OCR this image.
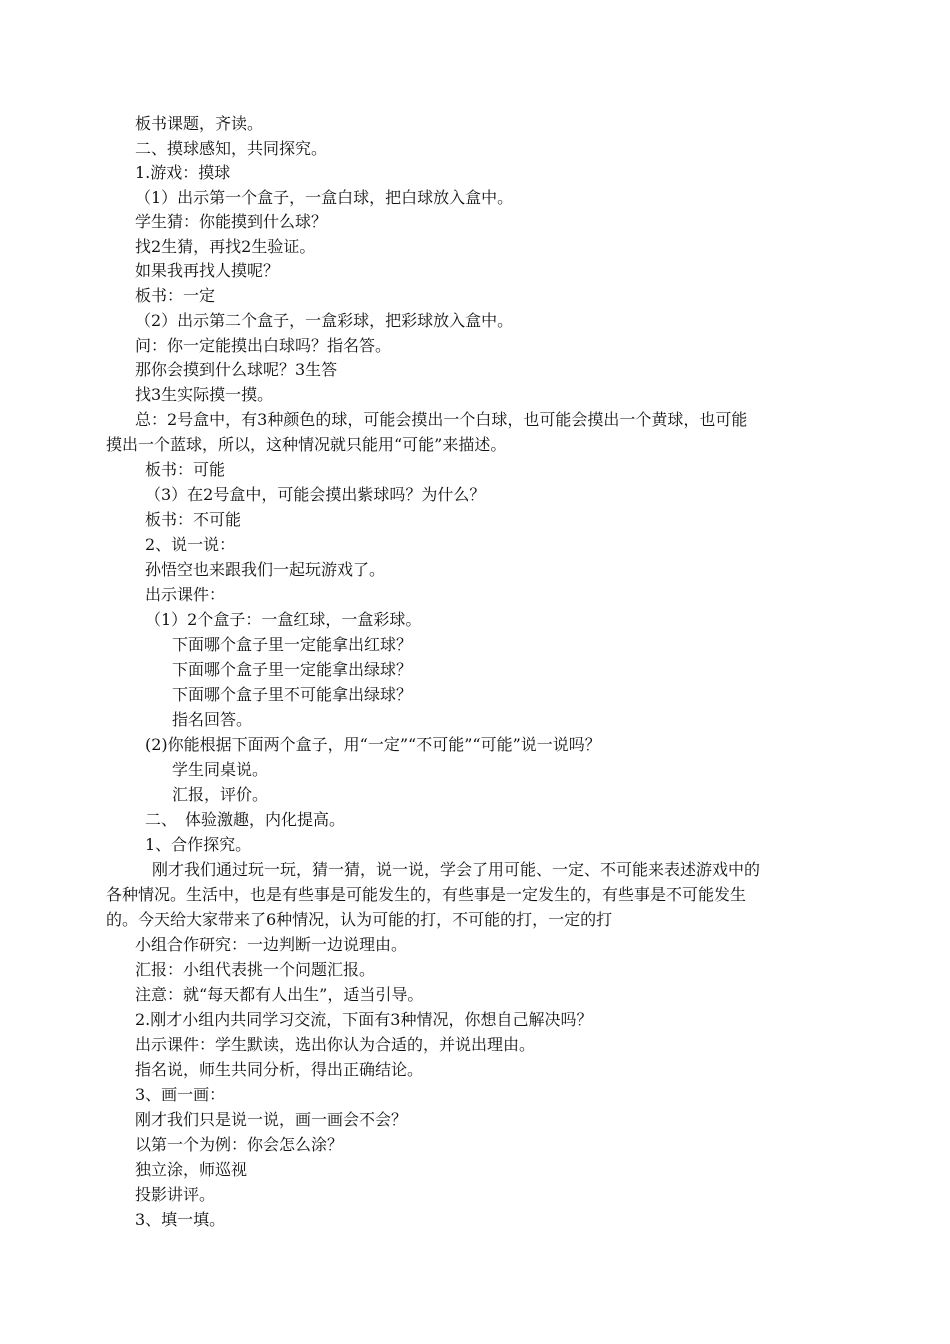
板书课题，齐读。
二、摸球感知，共同探究。
1.游戏：摸球
（1）出示第一个盒子，一盒白球，把白球放入盒中。
学生猜：你能摸到什么球？
找2生猜，再找2生验证。
如果我再找人摸呢？
板书：一定
（2）出示第二个盒子，一盒彩球，把彩球放入盒中。
问：你一定能摸出白球吗？指名答。
那你会摸到什么球呢？3生答
找3生实际摸一摸。
总：2号盒中，有3种颜色的球，可能会摸出一个白球，也可能会摸出一个黄球，也可能
摸出一个蓝球，所以，这种情况就只能用“可能”来描述。
板书：可能
（3）在2号盒中，可能会摸出紫球吗？为什么？
板书：不可能
2、说一说：
孙悟空也来跟我们一起玩游戏了。
出示课件：
（1）2个盒子：一盒红球，一盒彩球。
下面哪个盒子里一定能拿出红球？
下面哪个盒子里一定能拿出绿球？
下面哪个盒子里不可能拿出绿球？
指名回答。
(2)你能根据下面两个盒子，用“一定”“不可能”“可能”说一说吗？
学生同桌说。
汇报，评价。
二、　体验激趣，内化提高。
1、合作探究。
刚才我们通过玩一玩，猜一猜，说一说，学会了用可能、一定、不可能来表述游戏中的
各种情况。生活中，也是有些事是可能发生的，有些事是一定发生的，有些事是不可能发生
的。今天给大家带来了6种情况，认为可能的打，不可能的打，一定的打
小组合作研究：一边判断一边说理由。
汇报：小组代表挑一个问题汇报。
注意：就“每天都有人出生”，适当引导。
2.刚才小组内共同学习交流，下面有3种情况，你想自己解决吗？
出示课件：学生默读，选出你认为合适的，并说出理由。
指名说，师生共同分析，得出正确结论。
3、画一画：
刚才我们只是说一说，画一画会不会？
以第一个为例：你会怎么涂？
独立涂，师巡视
投影讲评。
3、填一填。
